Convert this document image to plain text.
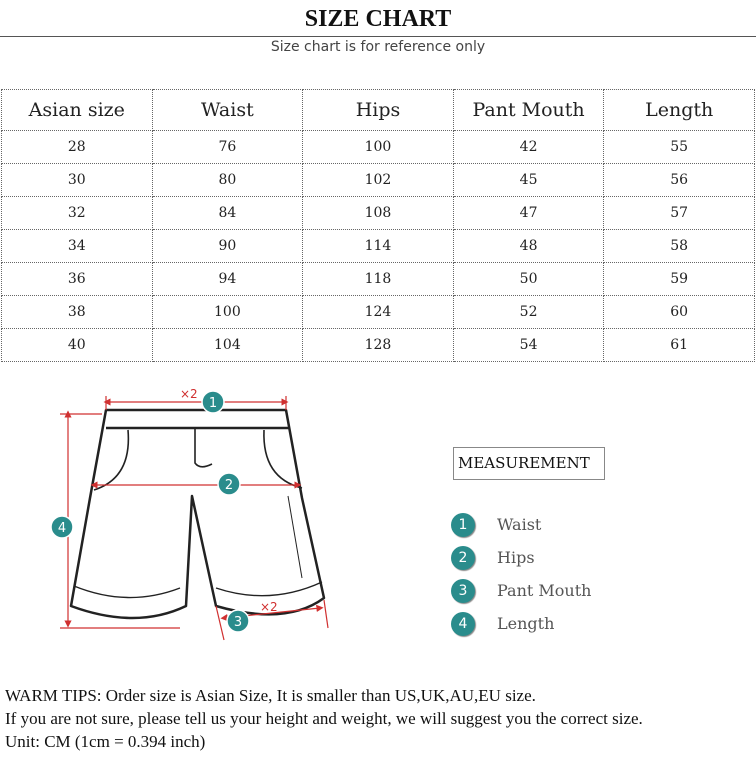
SIZE CHART
Size chart is for reference only
Asian size	Waist	Hips	Pant Mouth	Length
28	76	100	42	55
30	80	102	45	56
32	84	108	47	57
34	90	114	48	58
36	94	118	50	59
38	100	124	52	60
40	104	128	54	61
×2
×2
1
2
3
4
MEASUREMENT
1	Waist
2	Hips
3	Pant Mouth
4	Length
WARM TIPS: Order size is Asian Size, It is smaller than US,UK,AU,EU size.
If you are not sure, please tell us your height and weight, we will suggest you the correct size.
Unit: CM (1cm = 0.394 inch)
